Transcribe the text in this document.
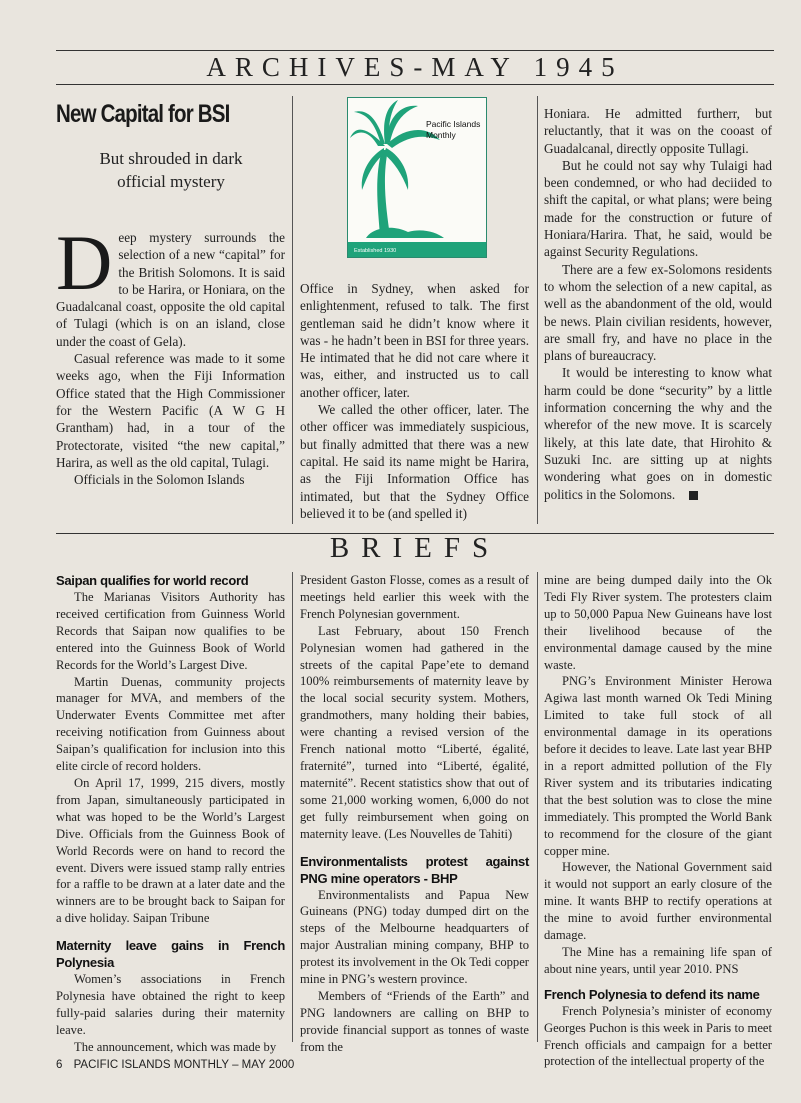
ARCHIVES-MAY 1945
New Capital for BSI
But shrouded in dark
official mystery
Pacific Islands
Monthly
Established 1930
D eep mystery surrounds the selection of a new “capital” for the British Solomons. It is said to be Harira, or Honiara, on the Guadalcanal coast, opposite the old capital of Tulagi (which is on an island, close under the coast of Gela).

Casual reference was made to it some weeks ago, when the Fiji Information Office stated that the High Commissioner for the Western Pacific (A W G H Grantham) had, in a tour of the Protectorate, visited “the new capital,” Harira, as well as the old capital, Tulagi.

Officials in the Solomon Islands

Office in Sydney, when asked for enlightenment, refused to talk. The first gentleman said he didn’t know where it was - he hadn’t been in BSI for three years. He intimated that he did not care where it was, either, and instructed us to call another officer, later.

We called the other officer, later. The other officer was immediately suspicious, but finally admitted that there was a new capital. He said its name might be Harira, as the Fiji Information Office has intimated, but that the Sydney Office believed it to be (and spelled it)

Honiara. He admitted furtherr, but reluctantly, that it was on the cooast of Guadalcanal, directly opposite Tullagi.

But he could not say why Tulaigi had been condemned, or who had deciided to shift the capital, or what plans; were being made for the construction or future of Honiara/Harira. That, he said, would be against Security Regulations.

There are a few ex-Solomons residents to whom the selection of a new capital, as well as the abandonment of the old, would be news. Plain civilian residents, however, are small fry, and have no place in the plans of bureaucracy.

It would be interesting to know what harm could be done “security” by a little information concerning the why and the wherefor of the new move. It is scarcely likely, at this late date, that Hirohito & Suzuki Inc. are sitting up at nights wondering what goes on in domestic politics in the Solomons.

BRIEFS

Saipan qualifies for world record

The Marianas Visitors Authority has received certification from Guinness World Records that Saipan now qualifies to be entered into the Guinness Book of World Records for the World’s Largest Dive.

Martin Duenas, community projects manager for MVA, and members of the Underwater Events Committee met after receiving notification from Guinness about Saipan’s qualification for inclusion into this elite circle of record holders.

On April 17, 1999, 215 divers, mostly from Japan, simultaneously participated in what was hoped to be the World’s Largest Dive. Officials from the Guinness Book of World Records were on hand to record the event. Divers were issued stamp rally entries for a raffle to be drawn at a later date and the winners are to be brought back to Saipan for a dive holiday. Saipan Tribune

Maternity leave gains in French Polynesia

Women’s associations in French Polynesia have obtained the right to keep fully-paid salaries during their maternity leave.

The announcement, which was made by

President Gaston Flosse, comes as a result of meetings held earlier this week with the French Polynesian government.

Last February, about 150 French Polynesian women had gathered in the streets of the capital Pape’ete to demand 100% reimbursements of maternity leave by the local social security system. Mothers, grandmothers, many holding their babies, were chanting a revised version of the French national motto “Liberté, égalité, fraternité”, turned into “Liberté, égalité, maternité”. Recent statistics show that out of some 21,000 working women, 6,000 do not get fully reimbursement when going on maternity leave. (Les Nouvelles de Tahiti)

Environmentalists protest against PNG mine operators - BHP

Environmentalists and Papua New Guineans (PNG) today dumped dirt on the steps of the Melbourne headquarters of major Australian mining company, BHP to protest its involvement in the Ok Tedi copper mine in PNG’s western province.

Members of “Friends of the Earth” and PNG landowners are calling on BHP to provide financial support as tonnes of waste from the

mine are being dumped daily into the Ok Tedi Fly River system. The protesters claim up to 50,000 Papua New Guineans have lost their livelihood because of the environmental damage caused by the mine waste.

PNG’s Environment Minister Herowa Agiwa last month warned Ok Tedi Mining Limited to take full stock of all environmental damage in its operations before it decides to leave. Late last year BHP in a report admitted pollution of the Fly River system and its tributaries indicating that the best solution was to close the mine immediately. This prompted the World Bank to recommend for the closure of the giant copper mine.

However, the National Government said it would not support an early closure of the mine. It wants BHP to rectify operations at the mine to avoid further environmental damage.

The Mine has a remaining life span of about nine years, until year 2010. PNS

French Polynesia to defend its name

French Polynesia’s minister of economy Georges Puchon is this week in Paris to meet French officials and campaign for a better protection of the intellectual property of the

6 PACIFIC ISLANDS MONTHLY – MAY 2000
